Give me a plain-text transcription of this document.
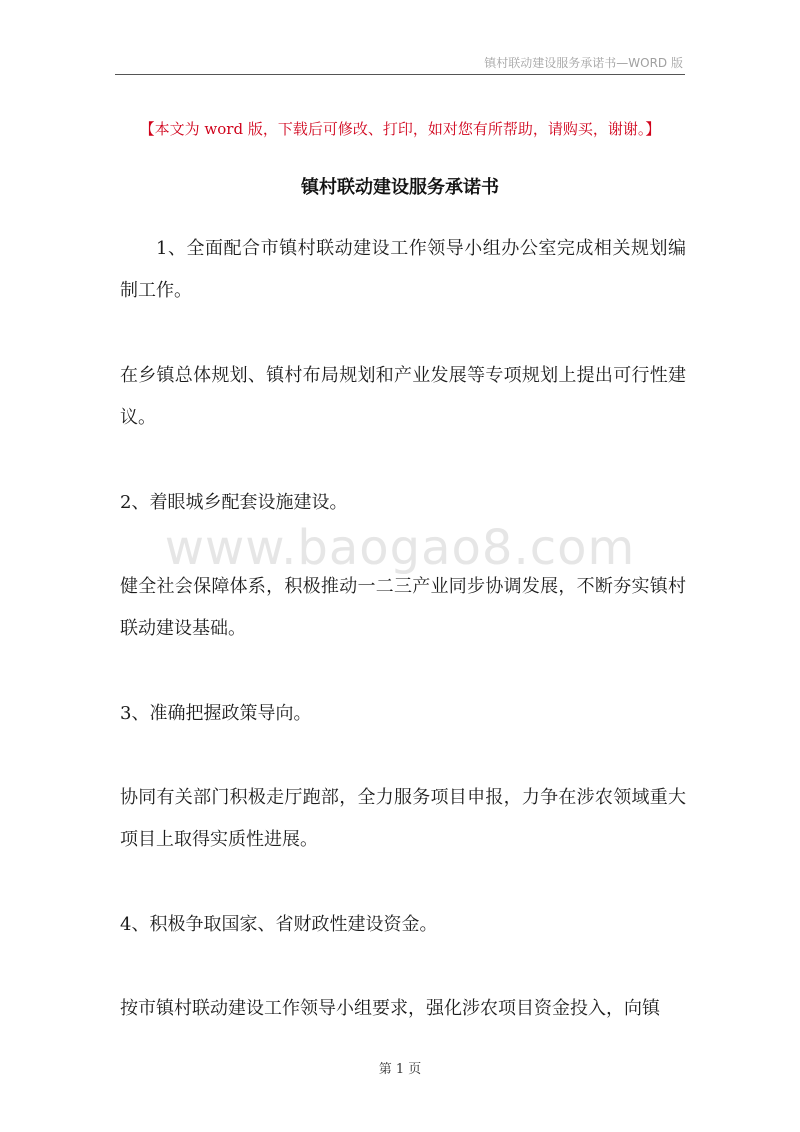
镇村联动建设服务承诺书—WORD 版
【本文为 word 版，下载后可修改、打印，如对您有所帮助，请购买，谢谢。】
镇村联动建设服务承诺书

1、全面配合市镇村联动建设工作领导小组办公室完成相关规划编制工作。

在乡镇总体规划、镇村布局规划和产业发展等专项规划上提出可行性建议。

2、着眼城乡配套设施建设。

健全社会保障体系，积极推动一二三产业同步协调发展，不断夯实镇村联动建设基础。

3、准确把握政策导向。

协同有关部门积极走厅跑部，全力服务项目申报，力争在涉农领域重大项目上取得实质性进展。

4、积极争取国家、省财政性建设资金。

按市镇村联动建设工作领导小组要求，强化涉农项目资金投入，向镇

www.baogao8.com
第 1 页
